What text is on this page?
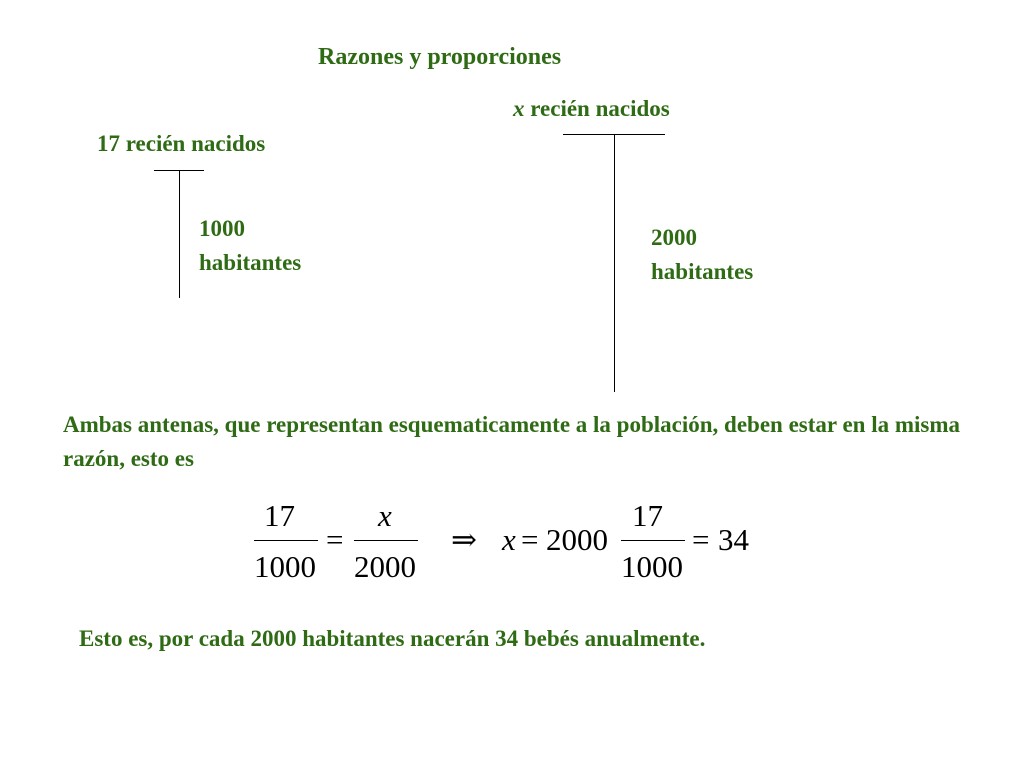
Razones y proporciones
17 recién nacidos
1000
habitantes
x recién nacidos
2000
habitantes
Ambas antenas, que representan esquematicamente a la población, deben estar en la misma razón, esto es
17
1000
=
x
2000
⇒ x = 2000
17
1000
= 34
Esto es, por cada 2000 habitantes nacerán 34 bebés anualmente.
